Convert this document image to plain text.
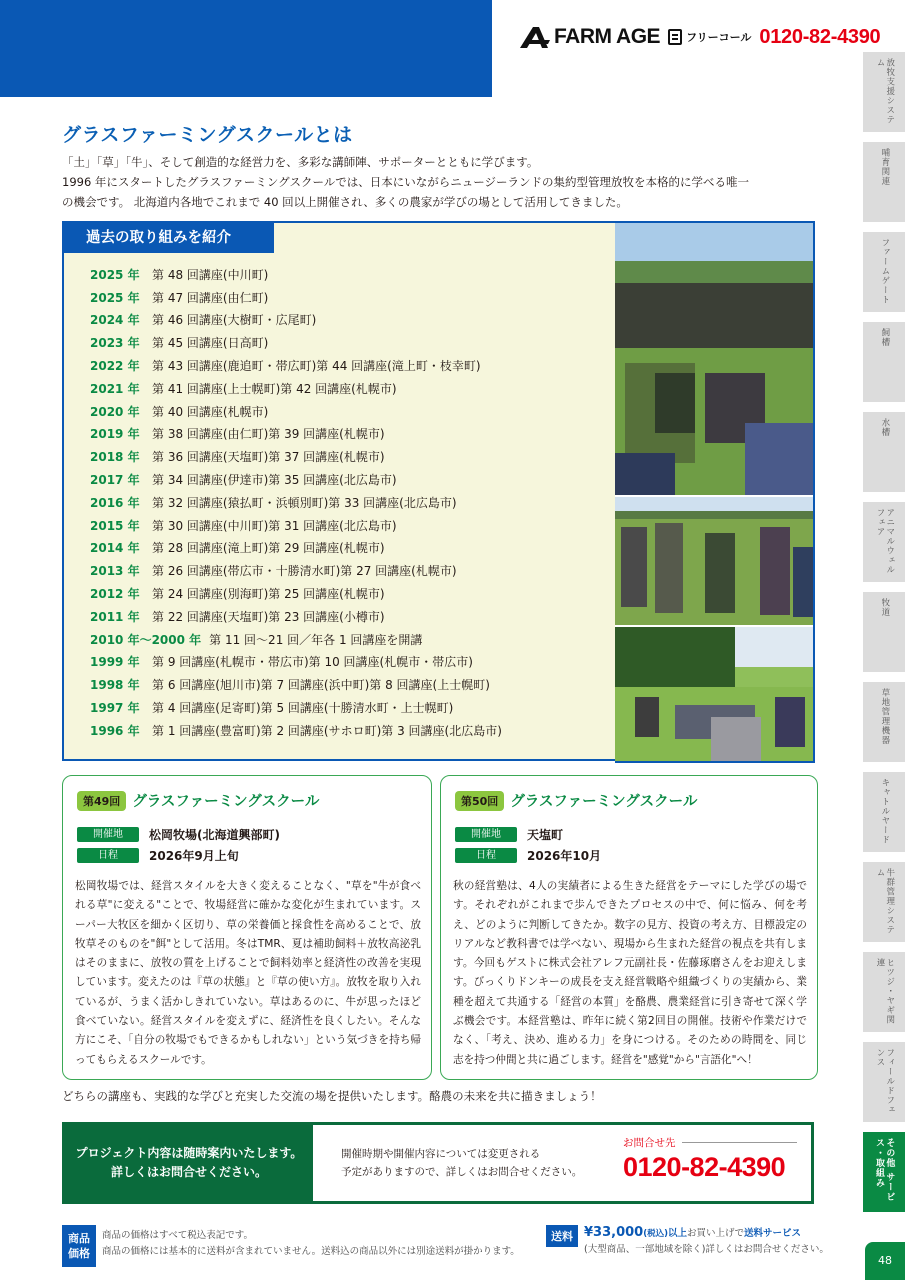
FARM AGE フリーコール 0120-82-4390
放牧支援システム
哺育関連
ファームゲート
飼槽
水槽
アニマルウェルフェア
牧道
草地管理機器
キャトルヤード
牛群管理システム
ヒツジ・ヤギ関連
フィールドフェンス
その他 サービス・取組み
グラスファーミングスクールとは
「土」「草」「牛」、そして創造的な経営力を、多彩な講師陣、サポーターとともに学びます。
1996 年にスタートしたグラスファーミングスクールでは、日本にいながらニュージーランドの集約型管理放牧を本格的に学べる唯一
の機会です。 北海道内各地でこれまで 40 回以上開催され、多くの農家が学びの場として活用してきました。
過去の取り組みを紹介
2025 年	第 48 回講座(中川町)
2025 年	第 47 回講座(由仁町)
2024 年	第 46 回講座(大樹町・広尾町)
2023 年	第 45 回講座(日高町)
2022 年	第 43 回講座(鹿追町・帯広町)第 44 回講座(滝上町・枝幸町)
2021 年	第 41 回講座(上士幌町)第 42 回講座(札幌市)
2020 年	第 40 回講座(札幌市)
2019 年	第 38 回講座(由仁町)第 39 回講座(札幌市)
2018 年	第 36 回講座(天塩町)第 37 回講座(札幌市)
2017 年	第 34 回講座(伊達市)第 35 回講座(北広島市)
2016 年	第 32 回講座(猿払町・浜頓別町)第 33 回講座(北広島市)
2015 年	第 30 回講座(中川町)第 31 回講座(北広島市)
2014 年	第 28 回講座(滝上町)第 29 回講座(札幌市)
2013 年	第 26 回講座(帯広市・十勝清水町)第 27 回講座(札幌市)
2012 年	第 24 回講座(別海町)第 25 回講座(札幌市)
2011 年	第 22 回講座(天塩町)第 23 回講座(小樽市)
2010 年～2000 年 第 11 回～21 回／年各 1 回講座を開講
1999 年	第 9 回講座(札幌市・帯広市)第 10 回講座(札幌市・帯広市)
1998 年	第 6 回講座(旭川市)第 7 回講座(浜中町)第 8 回講座(上士幌町)
1997 年	第 4 回講座(足寄町)第 5 回講座(十勝清水町・上士幌町)
1996 年	第 1 回講座(豊富町)第 2 回講座(サホロ町)第 3 回講座(北広島市)
第49回 グラスファーミングスクール
開催地	松岡牧場(北海道興部町)
日程	2026年9月上旬

松岡牧場では、経営スタイルを大きく変えることなく、"草を"牛が食べれる草"に変える"ことで、牧場経営に確かな変化が生まれています。スーパー大牧区を細かく区切り、草の栄養価と採食性を高めることで、放牧草そのものを"餌"として活用。冬はTMR、夏は補助飼料＋放牧高泌乳はそのままに、放牧の質を上げることで飼料効率と経済性の改善を実現しています。変えたのは『草の状態』と『草の使い方』。放牧を取り入れているが、うまく活かしきれていない。草はあるのに、牛が思ったほど食べていない。経営スタイルを変えずに、経済性を良くしたい。そんな方にこそ、「自分の牧場でもできるかもしれない」という気づきを持ち帰ってもらえるスクールです。

第50回 グラスファーミングスクール
開催地	天塩町
日程	2026年10月

秋の経営塾は、4人の実績者による生きた経営をテーマにした学びの場です。それぞれがこれまで歩んできたプロセスの中で、何に悩み、何を考え、どのように判断してきたか。数字の見方、投資の考え方、目標設定のリアルなど教科書では学べない、現場から生まれた経営の視点を共有します。今回もゲストに株式会社アレフ元副社長・佐藤琢磨さんをお迎えします。びっくりドンキーの成長を支え経営戦略や組織づくりの実績から、業種を超えて共通する「経営の本質」を酪農、農業経営に引き寄せて深く学ぶ機会です。本経営塾は、昨年に続く第2回目の開催。技術や作業だけでなく、「考え、決め、進める力」を身につける。そのための時間を、同じ志を持つ仲間と共に過ごします。経営を"感覚"から"言語化"へ！

どちらの講座も、実践的な学びと充実した交流の場を提供いたします。酪農の未来を共に描きましょう！

プロジェクト内容は随時案内いたします。
詳しくはお問合せください。
開催時期や開催内容については変更される
予定がありますので、詳しくはお問合せください。
お問合せ先
0120-82-4390
商品
価格
商品の価格はすべて税込表記です。
商品の価格には基本的に送料が含まれていません。送料込の商品以外には別途送料が掛かります。
送料 ¥33,000(税込)以上お買い上げで送料サービス
(大型商品、一部地域を除く)詳しくはお問合せください。
48
